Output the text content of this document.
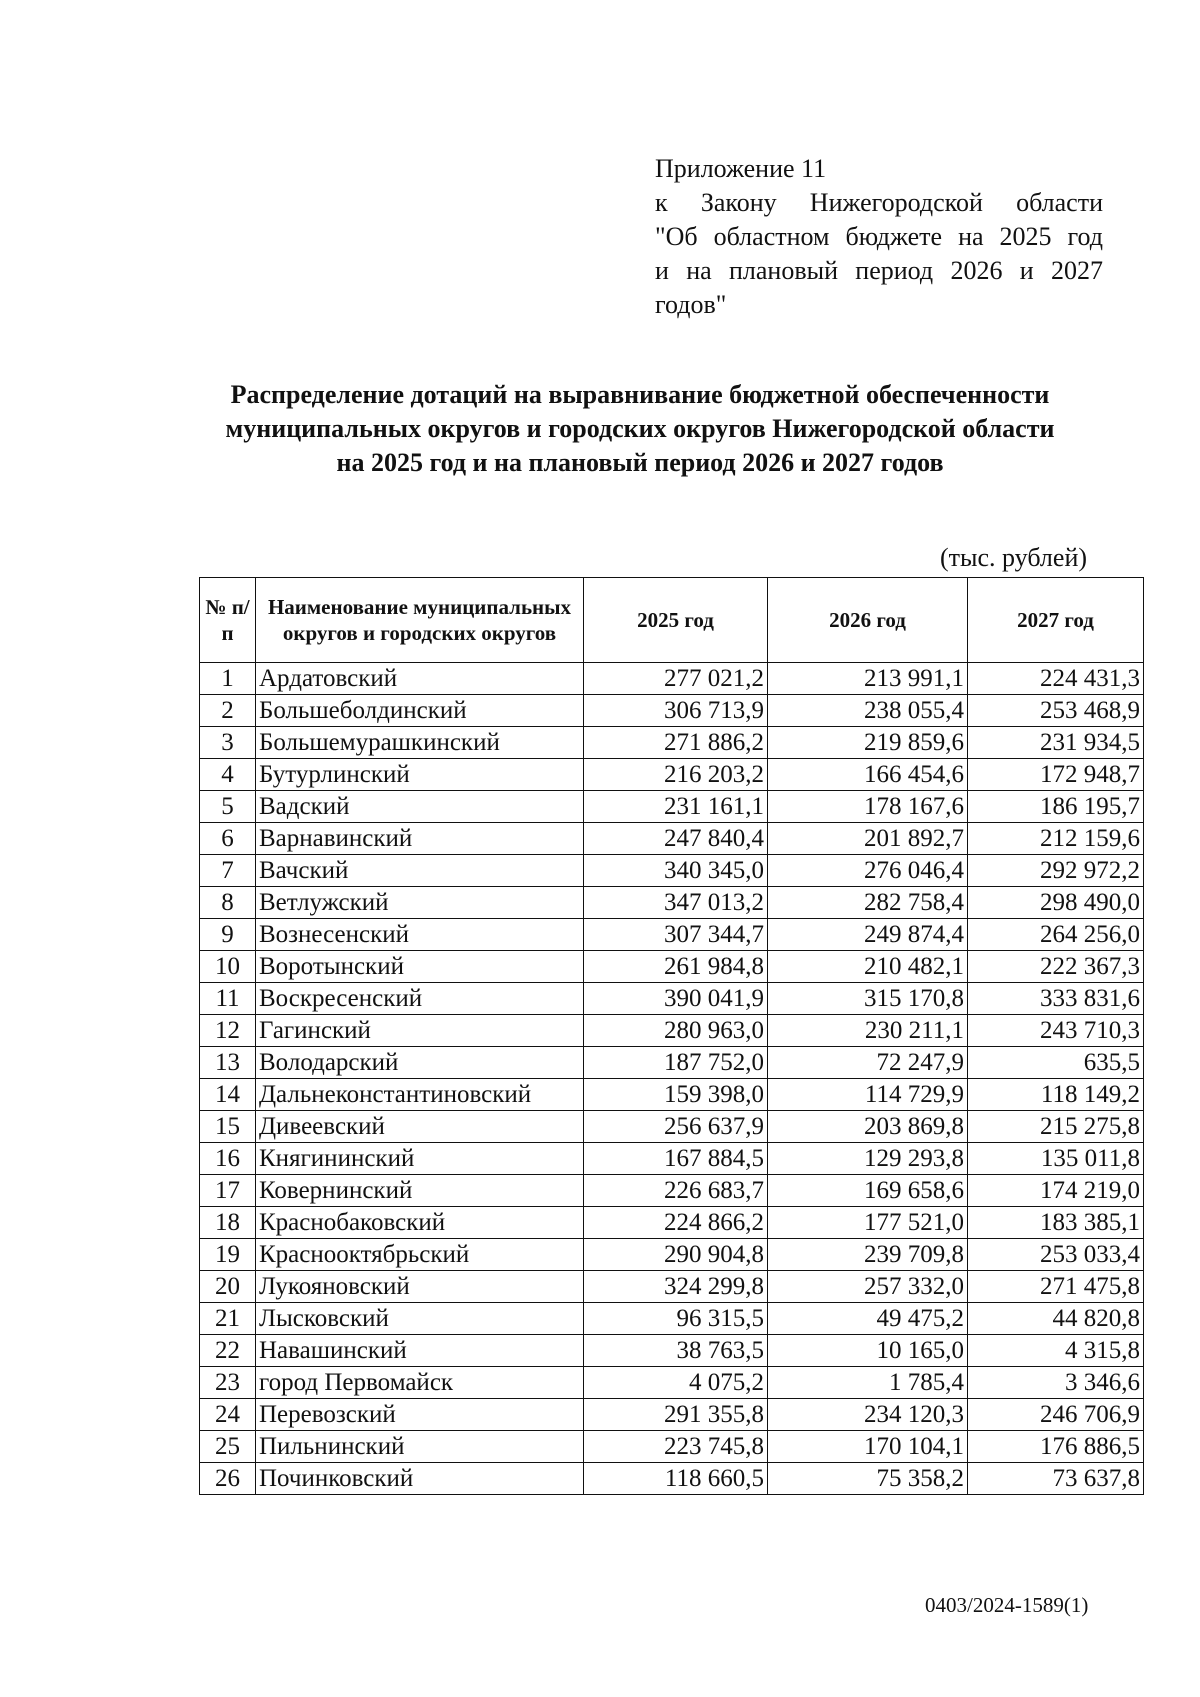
Приложение 11
к Закону Нижегородской области
"Об областном бюджете на 2025 год
и на плановый период 2026 и 2027
годов"
Распределение дотаций на выравнивание бюджетной обеспеченности
муниципальных округов и городских округов Нижегородской области
на 2025 год и на плановый период 2026 и 2027 годов
(тыс. рублей)
№ п/п	Наименование муниципальных округов и городских округов	2025 год	2026 год	2027 год
1	Ардатовский	277 021,2	213 991,1	224 431,3
2	Большеболдинский	306 713,9	238 055,4	253 468,9
3	Большемурашкинский	271 886,2	219 859,6	231 934,5
4	Бутурлинский	216 203,2	166 454,6	172 948,7
5	Вадский	231 161,1	178 167,6	186 195,7
6	Варнавинский	247 840,4	201 892,7	212 159,6
7	Вачский	340 345,0	276 046,4	292 972,2
8	Ветлужский	347 013,2	282 758,4	298 490,0
9	Вознесенский	307 344,7	249 874,4	264 256,0
10	Воротынский	261 984,8	210 482,1	222 367,3
11	Воскресенский	390 041,9	315 170,8	333 831,6
12	Гагинский	280 963,0	230 211,1	243 710,3
13	Володарский	187 752,0	72 247,9	635,5
14	Дальнеконстантиновский	159 398,0	114 729,9	118 149,2
15	Дивеевский	256 637,9	203 869,8	215 275,8
16	Княгининский	167 884,5	129 293,8	135 011,8
17	Ковернинский	226 683,7	169 658,6	174 219,0
18	Краснобаковский	224 866,2	177 521,0	183 385,1
19	Краснооктябрьский	290 904,8	239 709,8	253 033,4
20	Лукояновский	324 299,8	257 332,0	271 475,8
21	Лысковский	96 315,5	49 475,2	44 820,8
22	Навашинский	38 763,5	10 165,0	4 315,8
23	город Первомайск	4 075,2	1 785,4	3 346,6
24	Перевозский	291 355,8	234 120,3	246 706,9
25	Пильнинский	223 745,8	170 104,1	176 886,5
26	Починковский	118 660,5	75 358,2	73 637,8
0403/2024-1589(1)
